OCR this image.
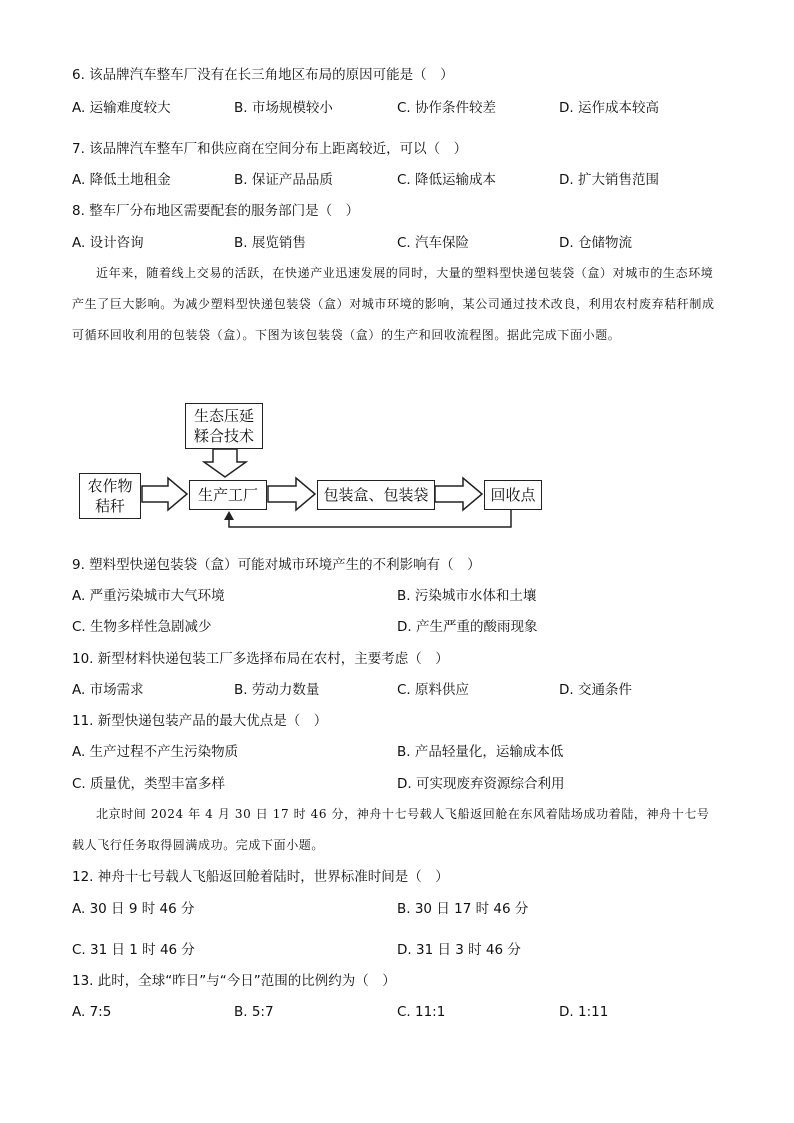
6. 该品牌汽车整车厂没有在长三角地区布局的原因可能是（　）
A. 运输难度较大	B. 市场规模较小	C. 协作条件较差	D. 运作成本较高
7. 该品牌汽车整车厂和供应商在空间分布上距离较近，可以（　）
A. 降低土地租金	B. 保证产品品质	C. 降低运输成本	D. 扩大销售范围
8. 整车厂分布地区需要配套的服务部门是（　）
A. 设计咨询	B. 展览销售	C. 汽车保险	D. 仓储物流
近年来，随着线上交易的活跃，在快递产业迅速发展的同时，大量的塑料型快递包装袋（盒）对城市的生态环境产生了巨大影响。为减少塑料型快递包装袋（盒）对城市环境的影响，某公司通过技术改良，利用农村废弃秸秆制成可循环回收利用的包装袋（盒）。下图为该包装袋（盒）的生产和回收流程图。据此完成下面小题。
生态压延
糅合技术
农作物
秸秆
生产工厂	包装盒、包装袋	回收点
9. 塑料型快递包装袋（盒）可能对城市环境产生的不利影响有（　）
A. 严重污染城市大气环境	B. 污染城市水体和土壤
C. 生物多样性急剧减少	D. 产生严重的酸雨现象
10. 新型材料快递包装工厂多选择布局在农村，主要考虑（　）
A. 市场需求	B. 劳动力数量	C. 原料供应	D. 交通条件
11. 新型快递包装产品的最大优点是（　）
A. 生产过程不产生污染物质	B. 产品轻量化，运输成本低
C. 质量优，类型丰富多样	D. 可实现废弃资源综合利用
北京时间 2024 年 4 月 30 日 17 时 46 分，神舟十七号载人飞船返回舱在东风着陆场成功着陆，神舟十七号载人飞行任务取得圆满成功。完成下面小题。
12. 神舟十七号载人飞船返回舱着陆时，世界标准时间是（　）
A. 30 日 9 时 46 分	B. 30 日 17 时 46 分
C. 31 日 1 时 46 分	D. 31 日 3 时 46 分
13. 此时，全球“昨日”与“今日”范围的比例约为（　）
A. 7:5	B. 5:7	C. 11:1	D. 1:11
